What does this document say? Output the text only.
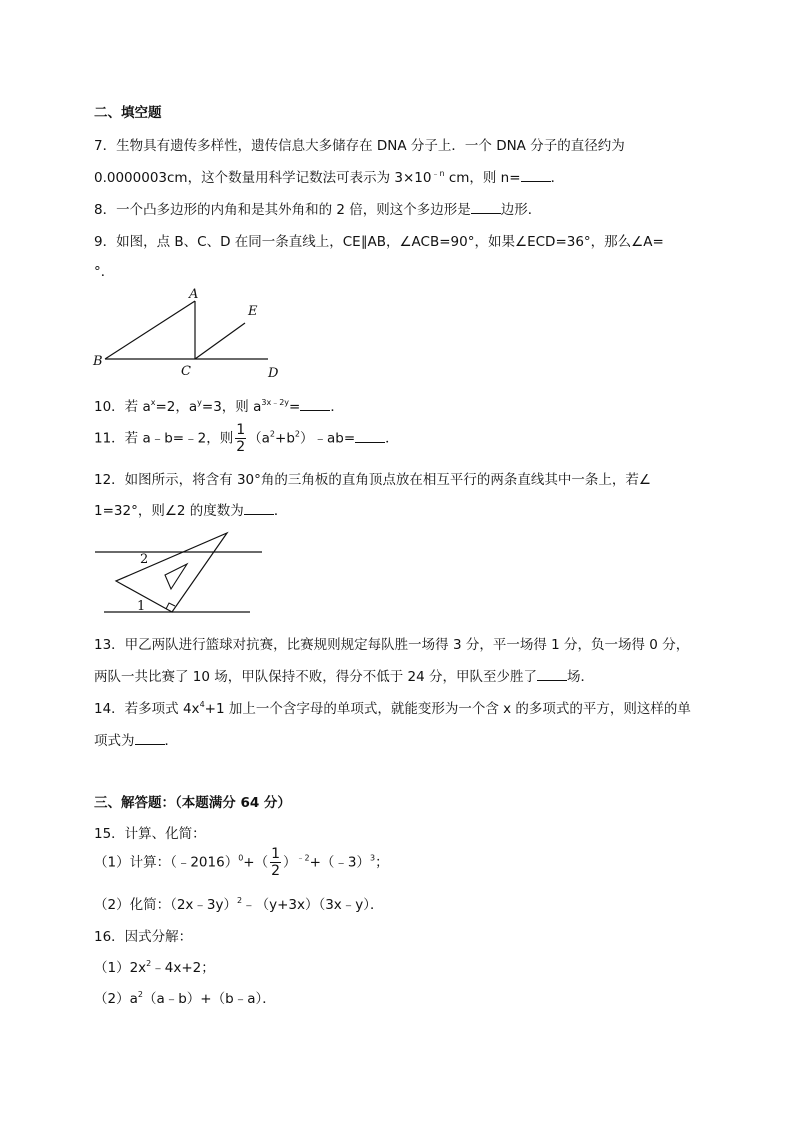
二、填空题
7．生物具有遗传多样性，遗传信息大多储存在 DNA 分子上．一个 DNA 分子的直径约为
0.0000003cm，这个数量用科学记数法可表示为 $3\times 10^{﹣n}$ cm，则 n= ．
8．一个凸多边形的内角和是其外角和的 2 倍，则这个多边形是 边形．
9．如图，点 B、C、D 在同一条直线上，CE∥AB，∠ACB=90°，如果∠ECD=36°，那么∠A=
°．
A
B
C	D
E
10．若 $a^x=2$，$a^y=3$，则 $a^{3x﹣2y}=$ ．
11．若 a﹣b=﹣2，则 $\frac{1}{2}$ $(a^2+b^2)﹣ab=$ ．
12．如图所示，将含有 30°角的三角板的直角顶点放在相互平行的两条直线其中一条上，若∠
1=32°，则∠2 的度数为 ．
2
1
13．甲乙两队进行篮球对抗赛，比赛规则规定每队胜一场得 3 分，平一场得 1 分，负一场得 0 分，
两队一共比赛了 10 场，甲队保持不败，得分不低于 24 分，甲队至少胜了 场．
14．若多项式 $4x^4+1$ 加上一个含字母的单项式，就能变形为一个含 x 的多项式的平方，则这样的单
项式为 ．
三、解答题：（本题满分 64 分）
15．计算、化简：
（1）计算：（﹣2016）$^0$+（ $\frac{1}{2}$ ）$^{﹣2}$+（﹣3）$^3$；
（2）化简：（2x﹣3y）$^2$﹣（y+3x）（3x﹣y）．
16．因式分解：
$(1)2x^2﹣4x+2$；
$(2)a^2(a﹣b)+(b﹣a)$．
